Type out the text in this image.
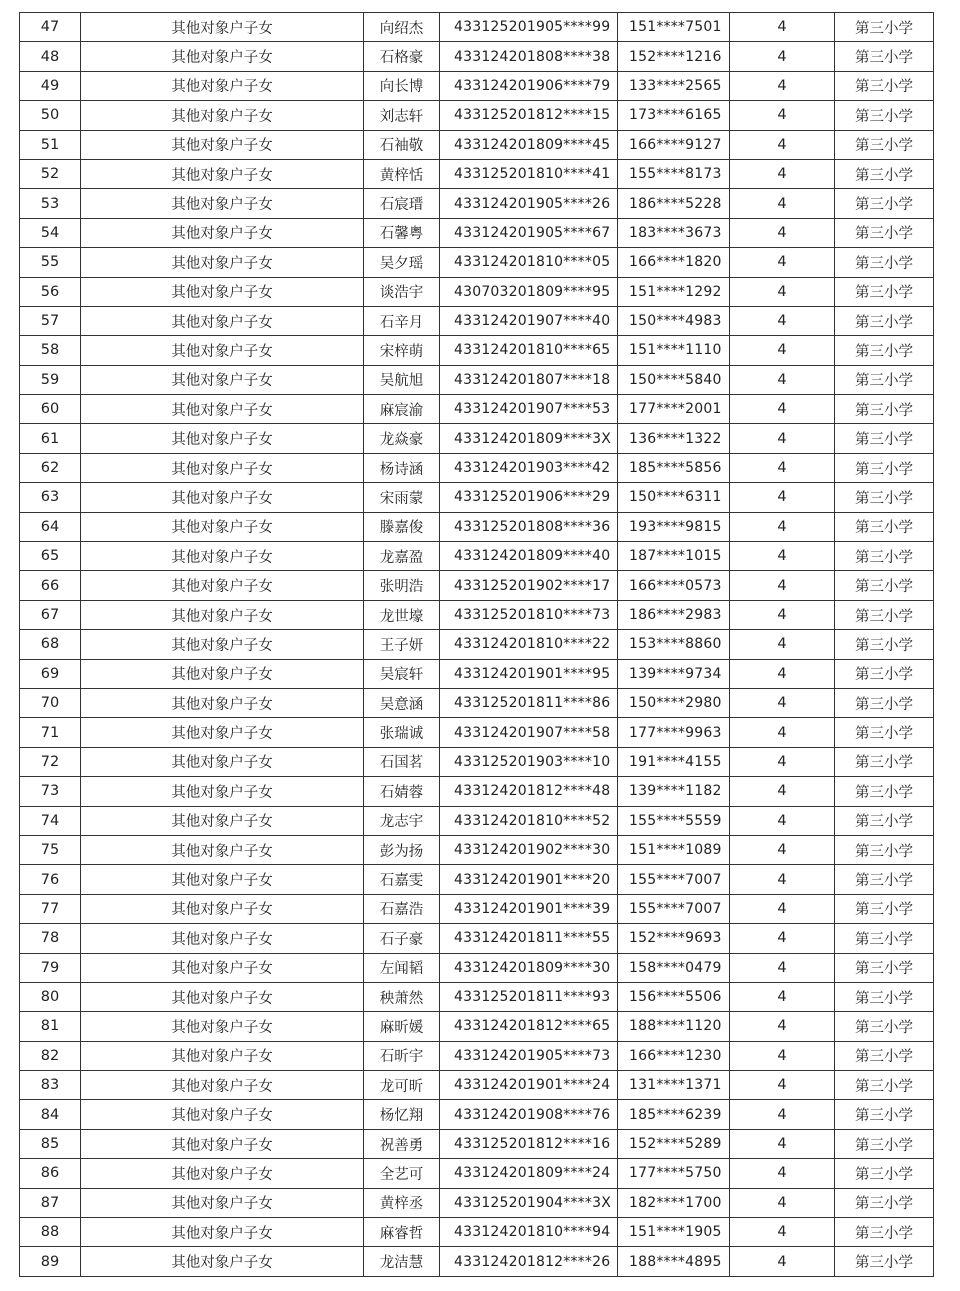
47	其他对象户子女	向绍杰	433125201905****99	151****7501	4	第三小学
48	其他对象户子女	石格豪	433124201808****38	152****1216	4	第三小学
49	其他对象户子女	向长博	433124201906****79	133****2565	4	第三小学
50	其他对象户子女	刘志轩	433125201812****15	173****6165	4	第三小学
51	其他对象户子女	石袖敬	433124201809****45	166****9127	4	第三小学
52	其他对象户子女	黄梓恬	433125201810****41	155****8173	4	第三小学
53	其他对象户子女	石宸瑨	433124201905****26	186****5228	4	第三小学
54	其他对象户子女	石馨粤	433124201905****67	183****3673	4	第三小学
55	其他对象户子女	吴夕瑶	433124201810****05	166****1820	4	第三小学
56	其他对象户子女	谈浩宇	430703201809****95	151****1292	4	第三小学
57	其他对象户子女	石辛月	433124201907****40	150****4983	4	第三小学
58	其他对象户子女	宋梓萌	433124201810****65	151****1110	4	第三小学
59	其他对象户子女	吴航旭	433124201807****18	150****5840	4	第三小学
60	其他对象户子女	麻宸渝	433124201907****53	177****2001	4	第三小学
61	其他对象户子女	龙焱豪	433124201809****3X	136****1322	4	第三小学
62	其他对象户子女	杨诗涵	433124201903****42	185****5856	4	第三小学
63	其他对象户子女	宋雨蒙	433125201906****29	150****6311	4	第三小学
64	其他对象户子女	滕嘉俊	433125201808****36	193****9815	4	第三小学
65	其他对象户子女	龙嘉盈	433124201809****40	187****1015	4	第三小学
66	其他对象户子女	张明浩	433125201902****17	166****0573	4	第三小学
67	其他对象户子女	龙世壕	433125201810****73	186****2983	4	第三小学
68	其他对象户子女	王子妍	433124201810****22	153****8860	4	第三小学
69	其他对象户子女	吴宸轩	433124201901****95	139****9734	4	第三小学
70	其他对象户子女	吴意涵	433125201811****86	150****2980	4	第三小学
71	其他对象户子女	张瑞诚	433124201907****58	177****9963	4	第三小学
72	其他对象户子女	石国茗	433125201903****10	191****4155	4	第三小学
73	其他对象户子女	石婧蓉	433124201812****48	139****1182	4	第三小学
74	其他对象户子女	龙志宇	433124201810****52	155****5559	4	第三小学
75	其他对象户子女	彭为扬	433124201902****30	151****1089	4	第三小学
76	其他对象户子女	石嘉雯	433124201901****20	155****7007	4	第三小学
77	其他对象户子女	石嘉浩	433124201901****39	155****7007	4	第三小学
78	其他对象户子女	石子豪	433124201811****55	152****9693	4	第三小学
79	其他对象户子女	左闻韬	433124201809****30	158****0479	4	第三小学
80	其他对象户子女	秧萧然	433125201811****93	156****5506	4	第三小学
81	其他对象户子女	麻昕媛	433124201812****65	188****1120	4	第三小学
82	其他对象户子女	石昕宇	433124201905****73	166****1230	4	第三小学
83	其他对象户子女	龙可昕	433124201901****24	131****1371	4	第三小学
84	其他对象户子女	杨忆翔	433124201908****76	185****6239	4	第三小学
85	其他对象户子女	祝善勇	433125201812****16	152****5289	4	第三小学
86	其他对象户子女	全艺可	433124201809****24	177****5750	4	第三小学
87	其他对象户子女	黄梓丞	433125201904****3X	182****1700	4	第三小学
88	其他对象户子女	麻睿哲	433124201810****94	151****1905	4	第三小学
89	其他对象户子女	龙洁慧	433124201812****26	188****4895	4	第三小学
